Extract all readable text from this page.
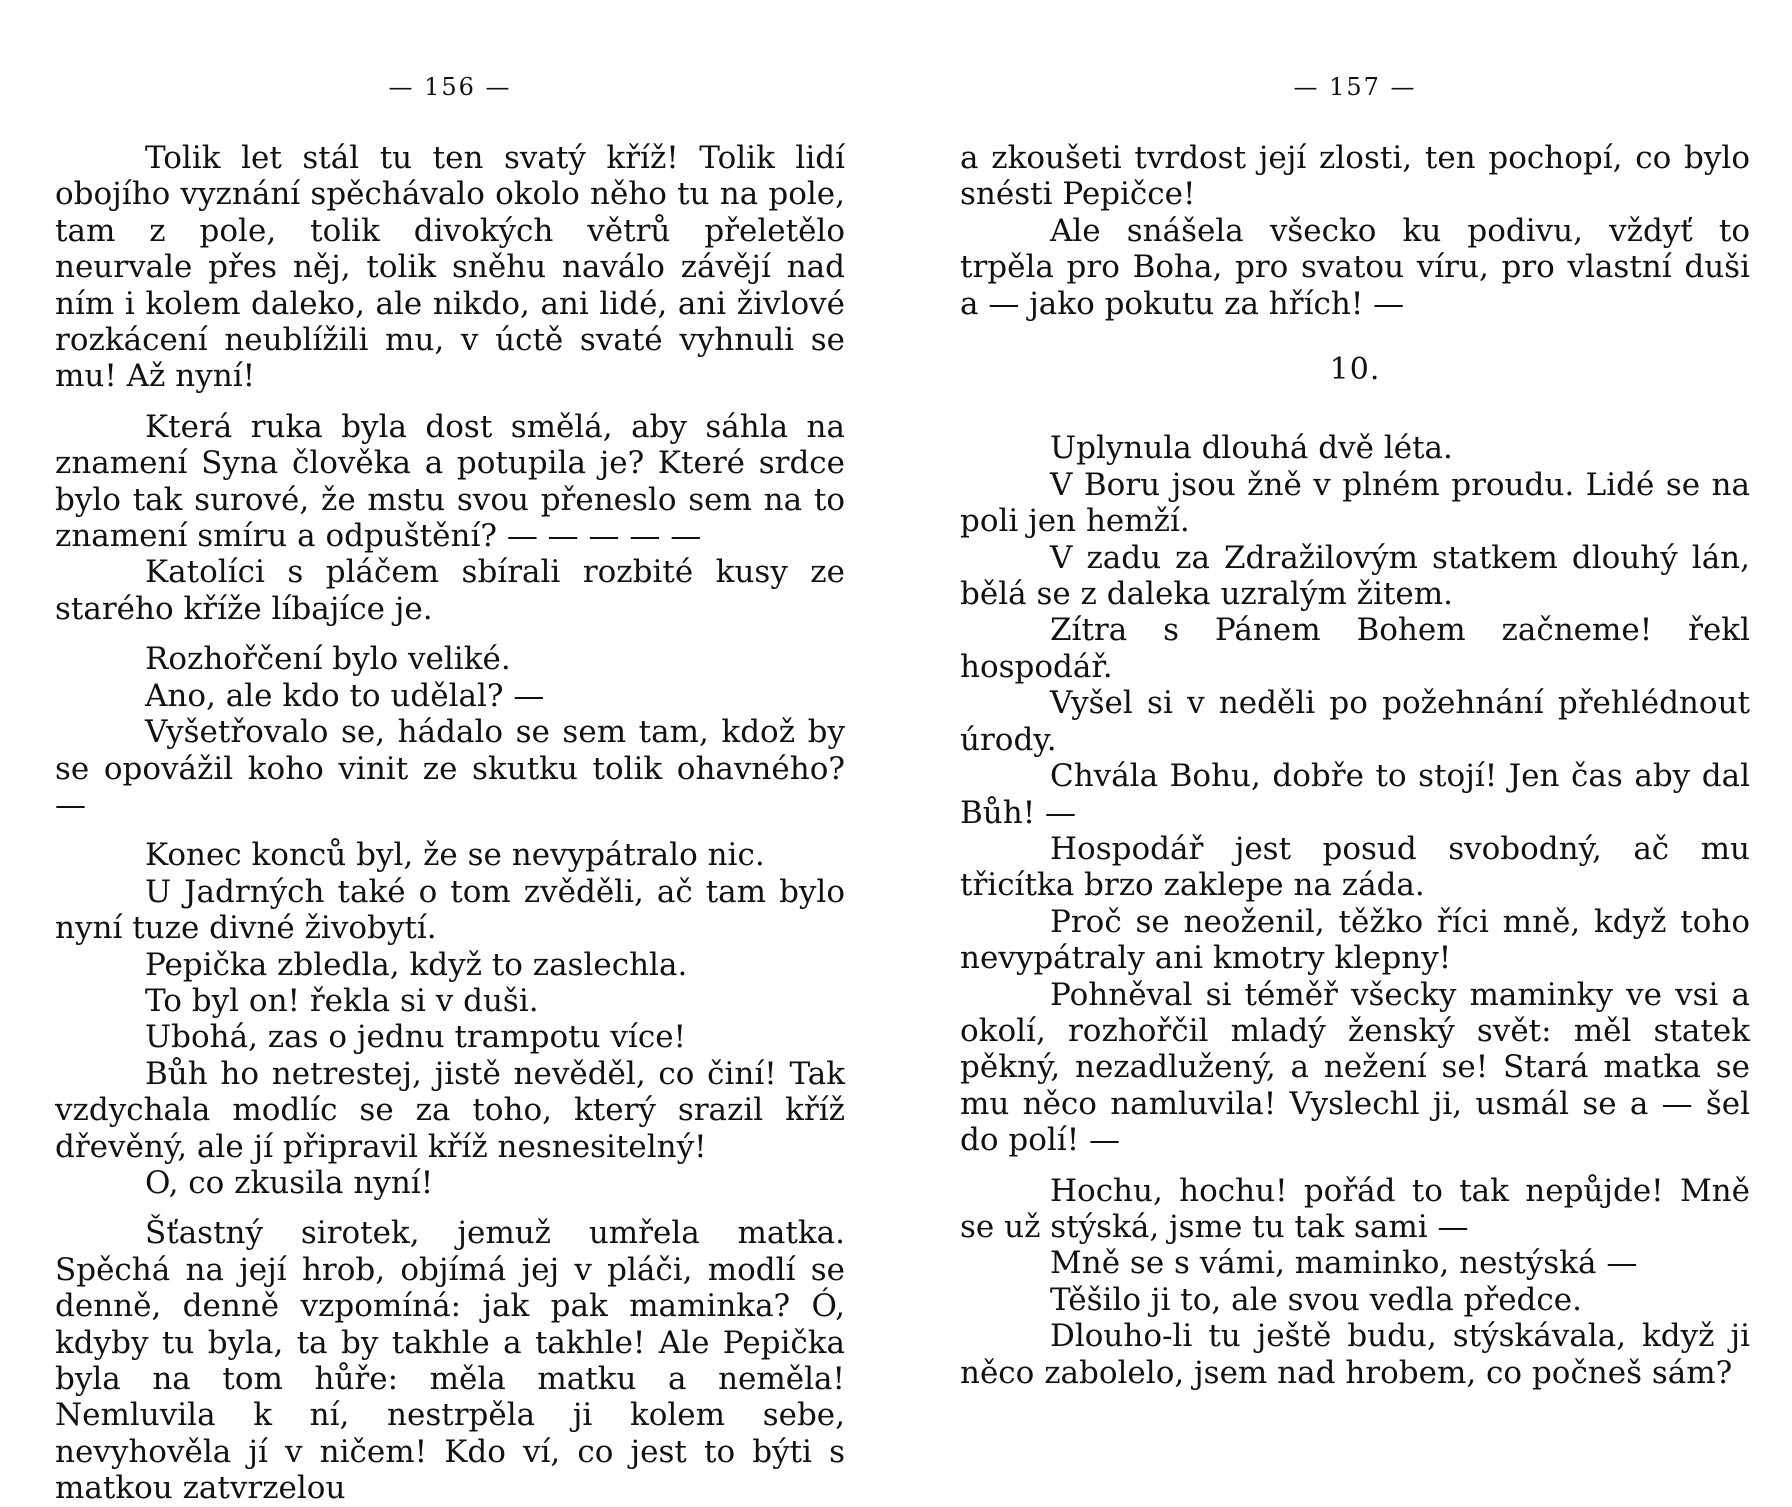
— 156 —

Tolik let stál tu ten svatý kříž! Tolik lidí obojího vyznání spěchávalo okolo něho tu na pole, tam z pole, tolik divokých větrů přeletělo neurvale přes něj, tolik sněhu naválo závějí nad ním i kolem daleko, ale nikdo, ani lidé, ani živlové rozkácení neublížili mu, v úctě svaté vyhnuli se mu! Až nyní!

Která ruka byla dost smělá, aby sáhla na znamení Syna člověka a potupila je? Které srdce bylo tak surové, že mstu svou přeneslo sem na to znamení smíru a odpuštění? — — — — —

Katolíci s pláčem sbírali rozbité kusy ze starého kříže líbajíce je.

Rozhořčení bylo veliké.

Ano, ale kdo to udělal? —

Vyšetřovalo se, hádalo se sem tam, kdož by se opovážil koho vinit ze skutku tolik ohavného? —

Konec konců byl, že se nevypátralo nic.

U Jadrných také o tom zvěděli, ač tam bylo nyní tuze divné živobytí.

Pepička zbledla, když to zaslechla.

To byl on! řekla si v duši.

Ubohá, zas o jednu trampotu více!

Bůh ho netrestej, jistě nevěděl, co činí! Tak vzdychala modlíc se za toho, který srazil kříž dřevěný, ale jí připravil kříž nesnesitelný!

O, co zkusila nyní!

Šťastný sirotek, jemuž umřela matka. Spěchá na její hrob, objímá jej v pláči, modlí se denně, denně vzpomíná: jak pak maminka? Ó, kdyby tu byla, ta by takhle a takhle! Ale Pepička byla na tom hůře: měla matku a neměla! Nemluvila k ní, nestrpěla ji kolem sebe, nevyhověla jí v ničem! Kdo ví, co jest to býti s matkou zatvrzelou

— 157 —

a zkoušeti tvrdost její zlosti, ten pochopí, co bylo snésti Pepičce!

Ale snášela všecko ku podivu, vždyť to trpěla pro Boha, pro svatou víru, pro vlastní duši a — jako pokutu za hřích! —

10.

Uplynula dlouhá dvě léta.

V Boru jsou žně v plném proudu. Lidé se na poli jen hemží.

V zadu za Zdražilovým statkem dlouhý lán, bělá se z daleka uzralým žitem.

Zítra s Pánem Bohem začneme! řekl hospodář.

Vyšel si v neděli po požehnání přehlédnout úrody.

Chvála Bohu, dobře to stojí! Jen čas aby dal Bůh! —

Hospodář jest posud svobodný, ač mu třicítka brzo zaklepe na záda.

Proč se neoženil, těžko říci mně, když toho nevypátraly ani kmotry klepny!

Pohněval si téměř všecky maminky ve vsi a okolí, rozhořčil mladý ženský svět: měl statek pěkný, nezadlužený, a nežení se! Stará matka se mu něco namluvila! Vyslechl ji, usmál se a — šel do polí! —

Hochu, hochu! pořád to tak nepůjde! Mně se už stýská, jsme tu tak sami —

Mně se s vámi, maminko, nestýská —

Těšilo ji to, ale svou vedla předce.

Dlouho-li tu ještě budu, stýskávala, když ji něco zabolelo, jsem nad hrobem, co počneš sám?
